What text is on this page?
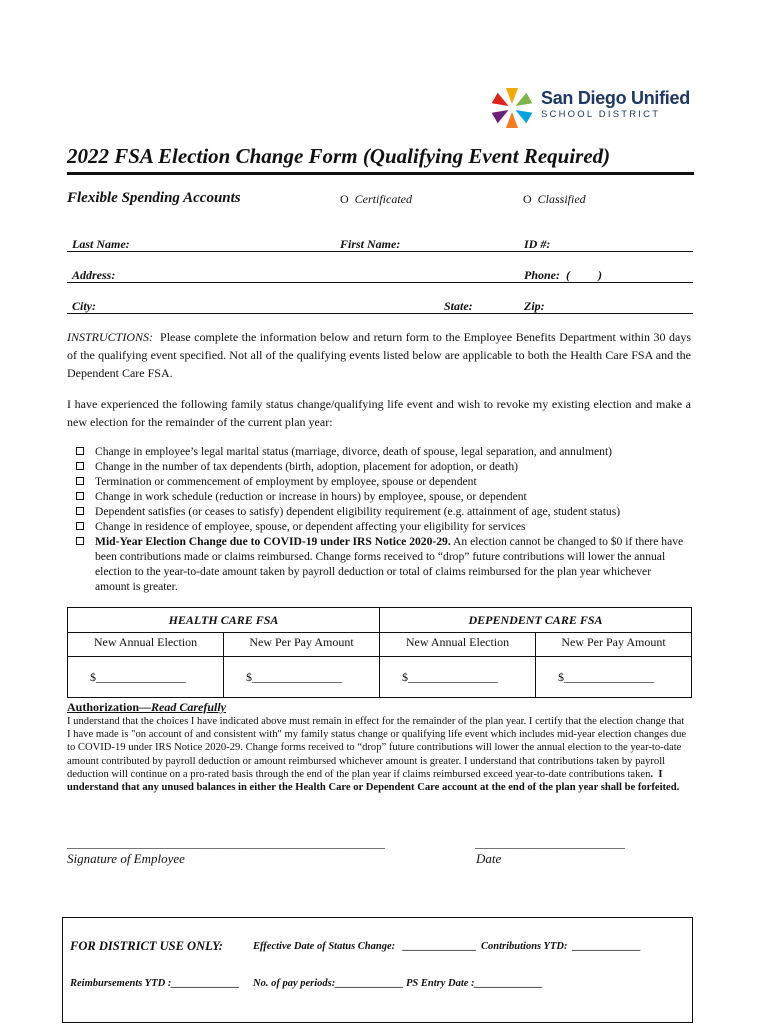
San Diego Unified
SCHOOL DISTRICT
2022 FSA Election Change Form (Qualifying Event Required)
Flexible Spending Accounts	O Certificated	O Classified
Last Name:	First Name:	ID #:
Address:	Phone: ( )
City:	State:	Zip:
INSTRUCTIONS: Please complete the information below and return form to the Employee Benefits Department within 30 days of the qualifying event specified. Not all of the qualifying events listed below are applicable to both the Health Care FSA and the Dependent Care FSA.
I have experienced the following family status change/qualifying life event and wish to revoke my existing election and make a new election for the remainder of the current plan year:
Change in employee’s legal marital status (marriage, divorce, death of spouse, legal separation, and annulment)
Change in the number of tax dependents (birth, adoption, placement for adoption, or death)
Termination or commencement of employment by employee, spouse or dependent
Change in work schedule (reduction or increase in hours) by employee, spouse, or dependent
Dependent satisfies (or ceases to satisfy) dependent eligibility requirement (e.g. attainment of age, student status)
Change in residence of employee, spouse, or dependent affecting your eligibility for services
Mid-Year Election Change due to COVID-19 under IRS Notice 2020-29. An election cannot be changed to $0 if there have been contributions made or claims reimbursed. Change forms received to “drop” future contributions will lower the annual election to the year-to-date amount taken by payroll deduction or total of claims reimbursed for the plan year whichever amount is greater.
HEALTH CARE FSA		DEPENDENT CARE FSA	
New Annual Election	New Per Pay Amount	New Annual Election	New Per Pay Amount
$_______________	$_______________	$_______________	$_______________
Authorization—Read Carefully
I understand that the choices I have indicated above must remain in effect for the remainder of the plan year. I certify that the election change that I have made is "on account of and consistent with" my family status change or qualifying life event which includes mid-year election changes due to COVID-19 under IRS Notice 2020-29. Change forms received to “drop” future contributions will lower the annual election to the year-to-date amount contributed by payroll deduction or amount reimbursed whichever amount is greater. I understand that contributions taken by payroll deduction will continue on a pro-rated basis through the end of the plan year if claims reimbursed exceed year-to-date contributions taken. I understand that any unused balances in either the Health Care or Dependent Care account at the end of the plan year shall be forfeited.
_____________________________________________________	_________________________
Signature of Employee	Date
FOR DISTRICT USE ONLY:	Effective Date of Status Change: ______________ Contributions YTD: _____________
Reimbursements YTD :_____________ No. of pay periods:_____________ PS Entry Date :_____________
